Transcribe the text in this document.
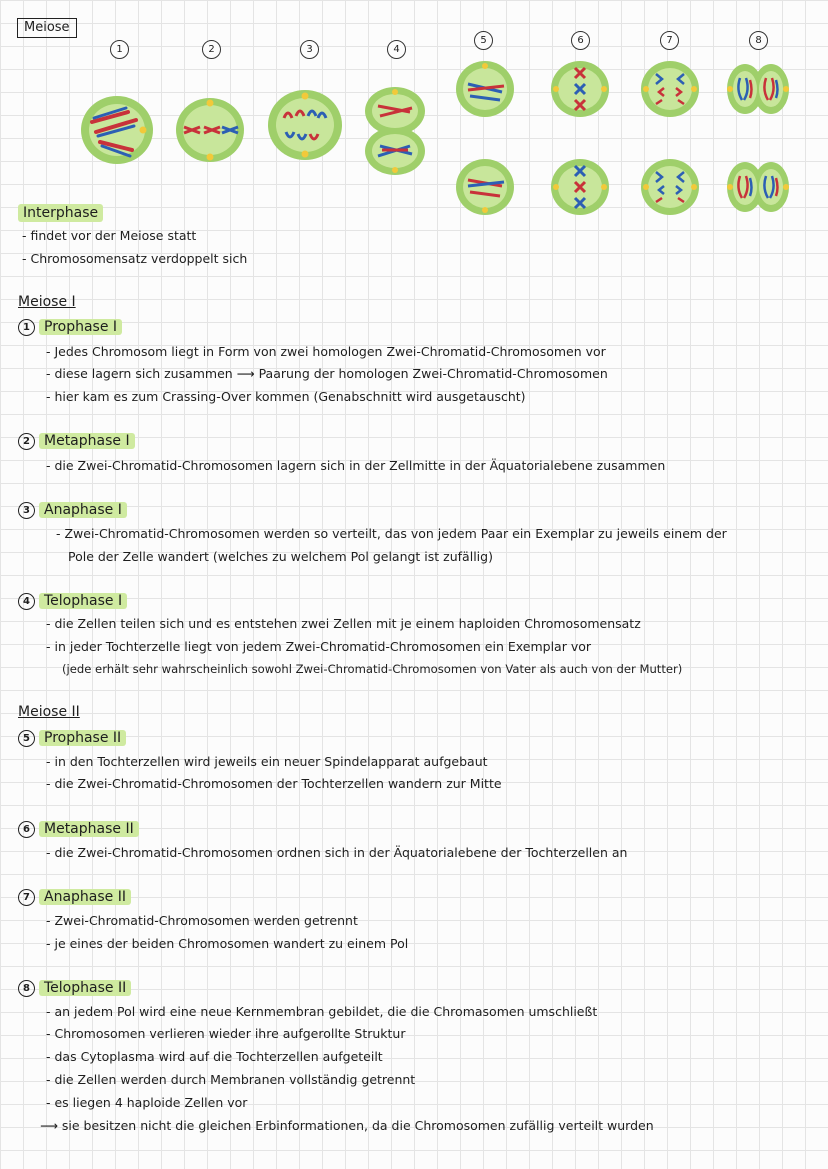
Meiose
1	2	3	4
5	6	7	8
Interphase
- findet vor der Meiose statt
- Chromosomensatz verdoppelt sich
Meiose I
1 Prophase I
- Jedes Chromosom liegt in Form von zwei homologen Zwei-Chromatid-Chromosomen vor
- diese lagern sich zusammen ⟶ Paarung der homologen Zwei-Chromatid-Chromosomen
- hier kam es zum Crassing-Over kommen (Genabschnitt wird ausgetauscht)
2 Metaphase I
- die Zwei-Chromatid-Chromosomen lagern sich in der Zellmitte in der Äquatorialebene zusammen
3 Anaphase I
- Zwei-Chromatid-Chromosomen werden so verteilt, das von jedem Paar ein Exemplar zu jeweils einem der
Pole der Zelle wandert (welches zu welchem Pol gelangt ist zufällig)
4 Telophase I
- die Zellen teilen sich und es entstehen zwei Zellen mit je einem haploiden Chromosomensatz
- in jeder Tochterzelle liegt von jedem Zwei-Chromatid-Chromosomen ein Exemplar vor
(jede erhält sehr wahrscheinlich sowohl Zwei-Chromatid-Chromosomen von Vater als auch von der Mutter)
Meiose II
5 Prophase II
- in den Tochterzellen wird jeweils ein neuer Spindelapparat aufgebaut
- die Zwei-Chromatid-Chromosomen der Tochterzellen wandern zur Mitte
6 Metaphase II
- die Zwei-Chromatid-Chromosomen ordnen sich in der Äquatorialebene der Tochterzellen an
7 Anaphase II
- Zwei-Chromatid-Chromosomen werden getrennt
- je eines der beiden Chromosomen wandert zu einem Pol
8 Telophase II
- an jedem Pol wird eine neue Kernmembran gebildet, die die Chromasomen umschließt
- Chromosomen verlieren wieder ihre aufgerollte Struktur
- das Cytoplasma wird auf die Tochterzellen aufgeteilt
- die Zellen werden durch Membranen vollständig getrennt
- es liegen 4 haploide Zellen vor
⟶ sie besitzen nicht die gleichen Erbinformationen, da die Chromosomen zufällig verteilt wurden
